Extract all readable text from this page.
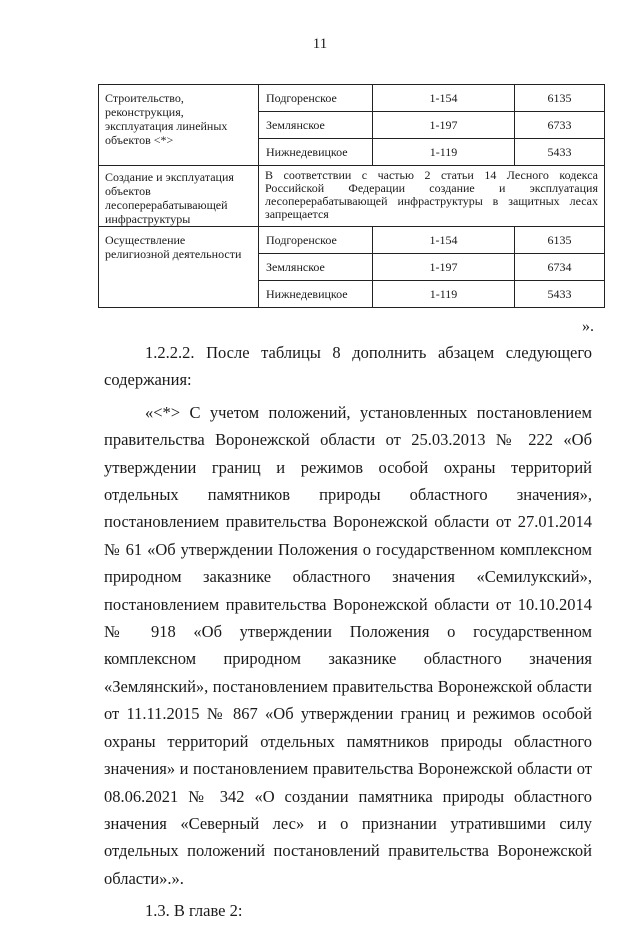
11
Строительство, реконструкция, эксплуатация линейных объектов <*>	Подгоренское	1-154	6135
	Землянское	1-197	6733
	Нижнедевицкое	1-119	5433
Создание и эксплуатация объектов лесоперерабатывающей инфраструктуры	В соответствии с частью 2 статьи 14 Лесного кодекса Российской Федерации создание и эксплуатация лесоперерабатывающей инфраструктуры в защитных лесах запрещается		
Осуществление религиозной деятельности	Подгоренское	1-154	6135
	Землянское	1-197	6734
	Нижнедевицкое	1-119	5433
».

1.2.2.2. После таблицы 8 дополнить абзацем следующего содержания:

«<*> С учетом положений, установленных постановлением правительства Воронежской области от 25.03.2013 № 222 «Об утверждении границ и режимов особой охраны территорий отдельных памятников природы областного значения», постановлением правительства Воронежской области от 27.01.2014 № 61 «Об утверждении Положения о государственном комплексном природном заказнике областного значения «Семилукский», постановлением правительства Воронежской области от 10.10.2014 № 918 «Об утверждении Положения о государственном комплексном природном заказнике областного значения «Землянский», постановлением правительства Воронежской области от 11.11.2015 № 867 «Об утверждении границ и режимов особой охраны территорий отдельных памятников природы областного значения» и постановлением правительства Воронежской области от 08.06.2021 № 342 «О создании памятника природы областного значения «Северный лес» и о признании утратившими силу отдельных положений постановлений правительства Воронежской области».».

1.3. В главе 2:
